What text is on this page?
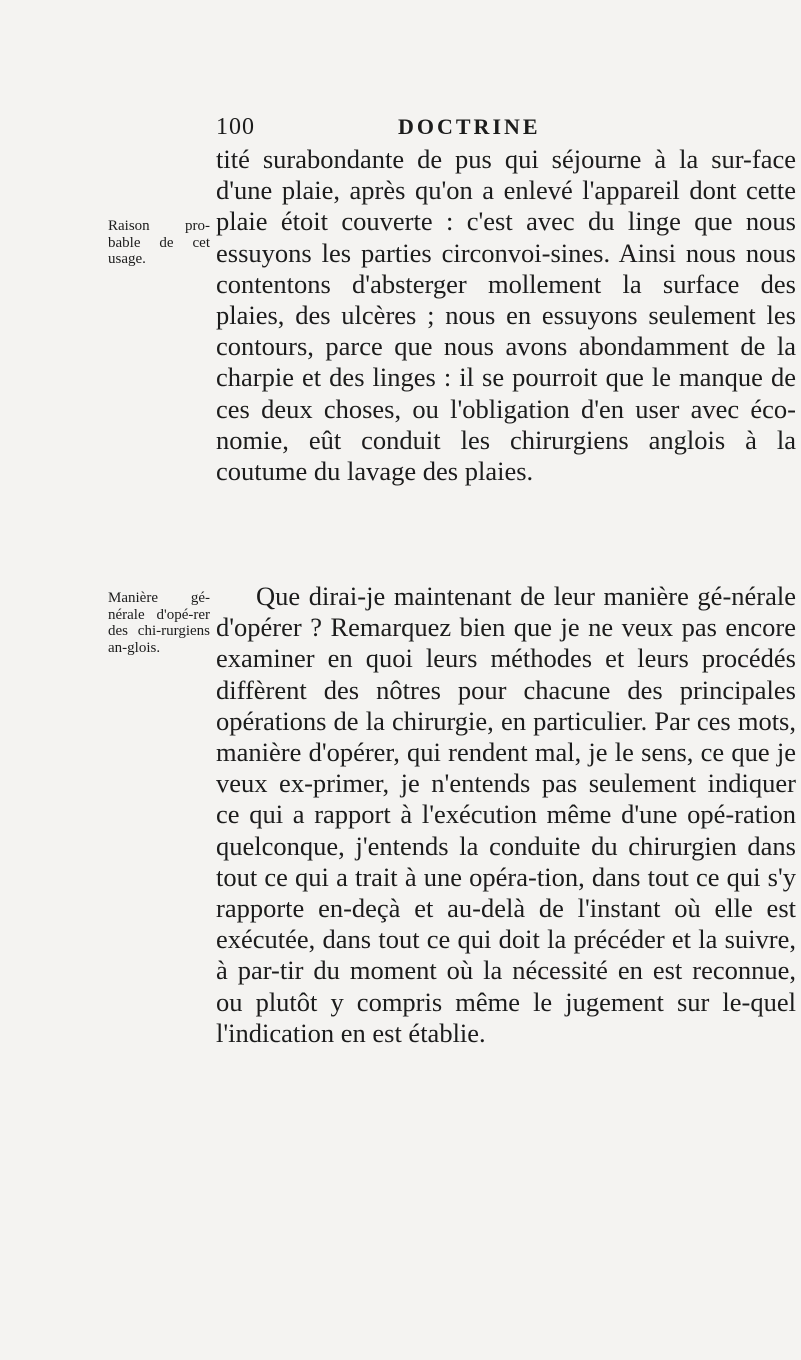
100	DOCTRINE
Raison pro-bable de cet usage.
tité surabondante de pus qui séjourne à la sur-face d'une plaie, après qu'on a enlevé l'appareil dont cette plaie étoit couverte : c'est avec du linge que nous essuyons les parties circonvoi-sines. Ainsi nous nous contentons d'absterger mollement la surface des plaies, des ulcères ; nous en essuyons seulement les contours, parce que nous avons abondamment de la charpie et des linges : il se pourroit que le manque de ces deux choses, ou l'obligation d'en user avec éco-nomie, eût conduit les chirurgiens anglois à la coutume du lavage des plaies.
Manière gé-nérale d'opé-rer des chi-rurgiens an-glois.
Que dirai-je maintenant de leur manière gé-nérale d'opérer ? Remarquez bien que je ne veux pas encore examiner en quoi leurs méthodes et leurs procédés diffèrent des nôtres pour chacune des principales opérations de la chirurgie, en particulier. Par ces mots, manière d'opérer, qui rendent mal, je le sens, ce que je veux ex-primer, je n'entends pas seulement indiquer ce qui a rapport à l'exécution même d'une opé-ration quelconque, j'entends la conduite du chirurgien dans tout ce qui a trait à une opéra-tion, dans tout ce qui s'y rapporte en-deçà et au-delà de l'instant où elle est exécutée, dans tout ce qui doit la précéder et la suivre, à par-tir du moment où la nécessité en est reconnue, ou plutôt y compris même le jugement sur le-quel l'indication en est établie.
